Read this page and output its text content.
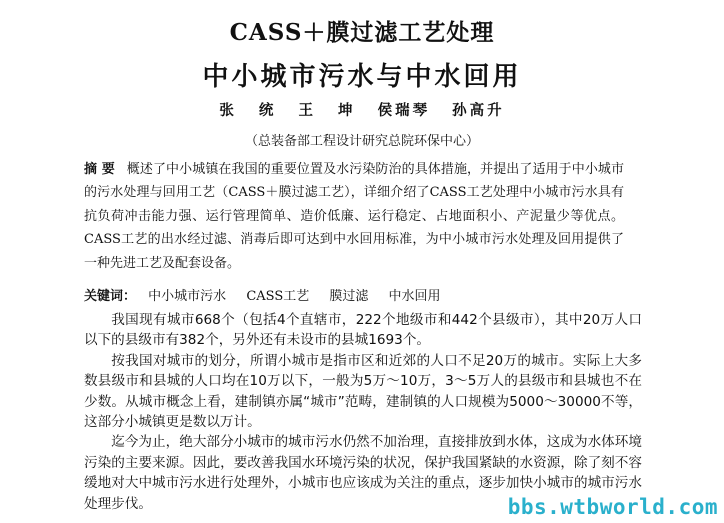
CASS＋膜过滤工艺处理
中小城市污水与中水回用
张 统 王 坤 侯瑞琴 孙高升
（总装备部工程设计研究总院环保中心）
摘 要 概述了中小城镇在我国的重要位置及水污染防治的具体措施，并提出了适用于中小城市的污水处理与回用工艺（CASS＋膜过滤工艺），详细介绍了CASS工艺处理中小城市污水具有抗负荷冲击能力强、运行管理简单、造价低廉、运行稳定、占地面积小、产泥量少等优点。CASS工艺的出水经过滤、消毒后即可达到中水回用标准，为中小城市污水处理及回用提供了一种先进工艺及配套设备。
关键词： 中小城市污水 CASS工艺 膜过滤 中水回用

我国现有城市668个（包括4个直辖市，222个地级市和442个县级市），其中20万人口以下的县级市有382个，另外还有未设市的县城1693个。

按我国对城市的划分，所谓小城市是指市区和近郊的人口不足20万的城市。实际上大多数县级市和县城的人口均在10万以下，一般为5万～10万，3～5万人的县级市和县城也不在少数。从城市概念上看，建制镇亦属“城市”范畴，建制镇的人口规模为5000～30000不等，这部分小城镇更是数以万计。

迄今为止，绝大部分小城市的城市污水仍然不加治理，直接排放到水体，这成为水体环境污染的主要来源。因此，要改善我国水环境污染的状况，保护我国紧缺的水资源，除了刻不容缓地对大中城市污水进行处理外，小城市也应该成为关注的重点，逐步加快小城市的城市污水处理步伐。	bbs.wtbworld.com
